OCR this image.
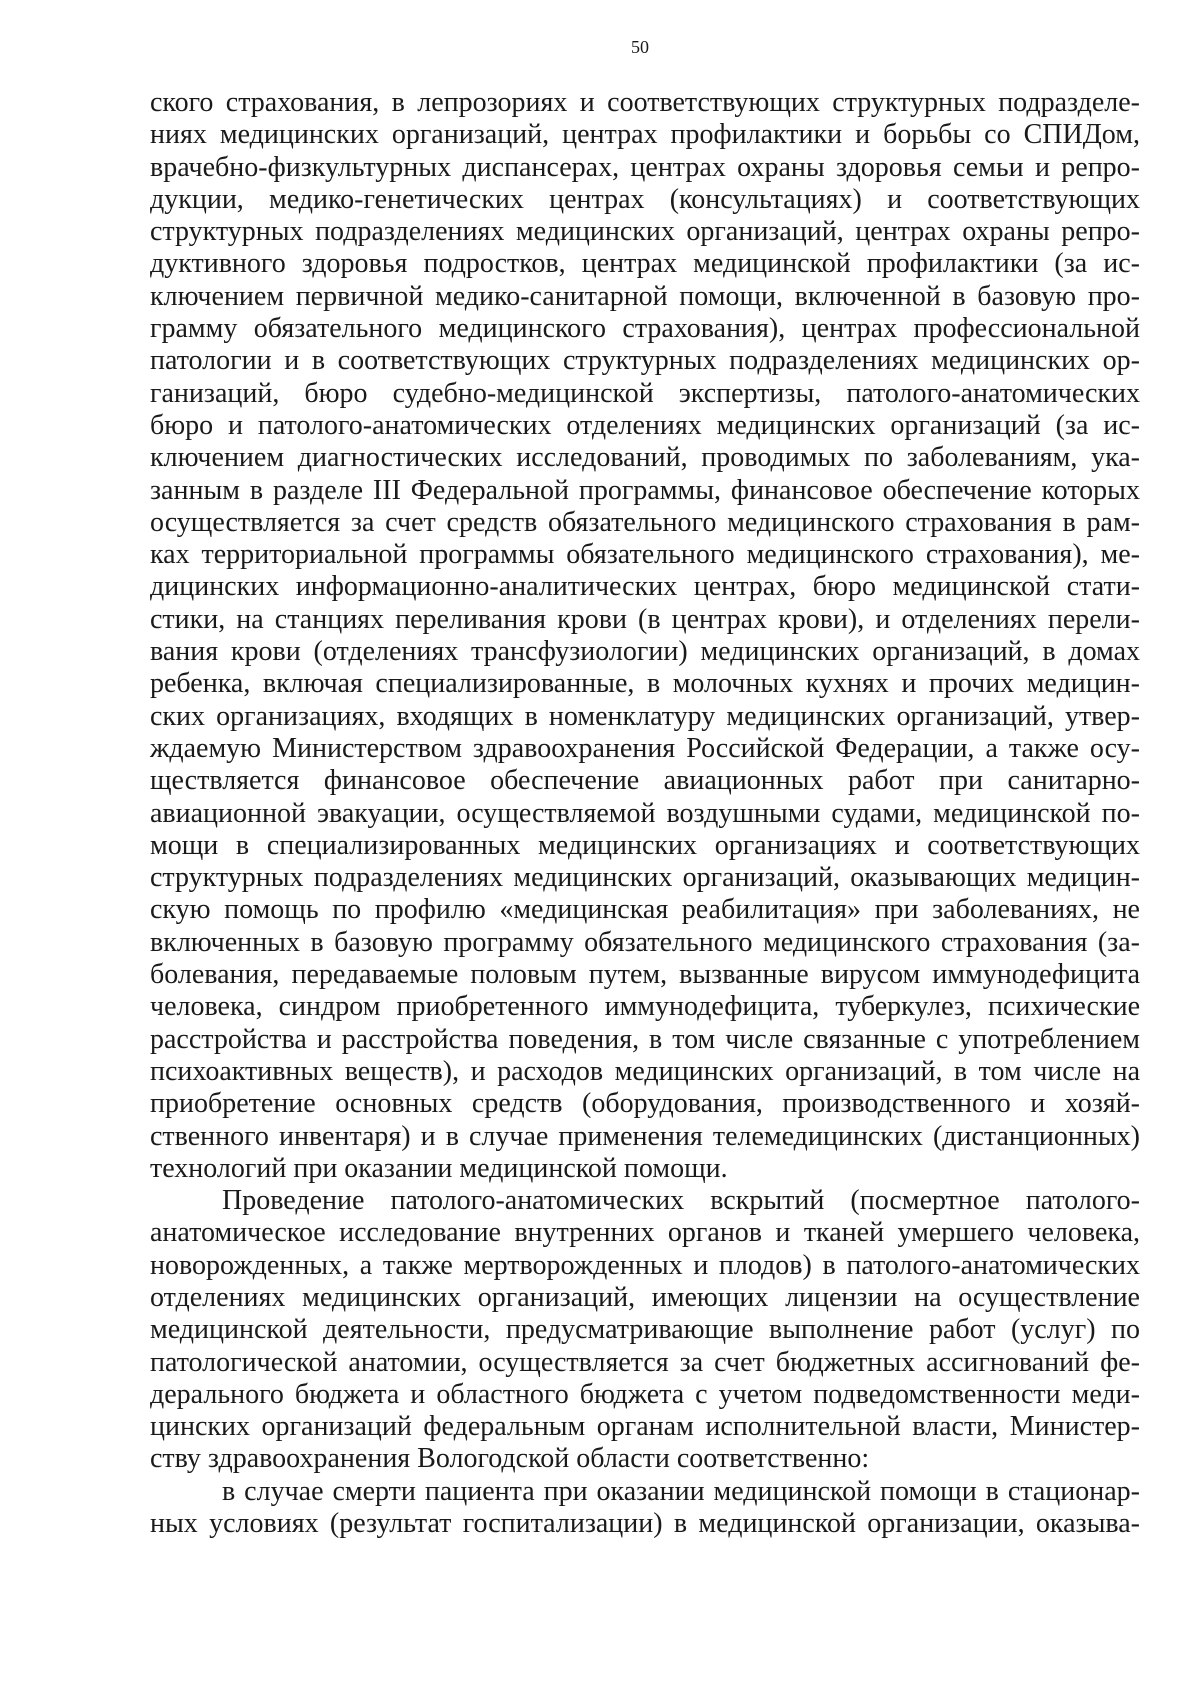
50

ского страхования, в лепрозориях и соответствующих структурных подразделе-
ниях медицинских организаций, центрах профилактики и борьбы со СПИДом,
врачебно-физкультурных диспансерах, центрах охраны здоровья семьи и репро-
дукции, медико-генетических центрах (консультациях) и соответствующих
структурных подразделениях медицинских организаций, центрах охраны репро-
дуктивного здоровья подростков, центрах медицинской профилактики (за ис-
ключением первичной медико-санитарной помощи, включенной в базовую про-
грамму обязательного медицинского страхования), центрах профессиональной
патологии и в соответствующих структурных подразделениях медицинских ор-
ганизаций, бюро судебно-медицинской экспертизы, патолого-анатомических
бюро и патолого-анатомических отделениях медицинских организаций (за ис-
ключением диагностических исследований, проводимых по заболеваниям, ука-
занным в разделе III Федеральной программы, финансовое обеспечение которых
осуществляется за счет средств обязательного медицинского страхования в рам-
ках территориальной программы обязательного медицинского страхования), ме-
дицинских информационно-аналитических центрах, бюро медицинской стати-
стики, на станциях переливания крови (в центрах крови), и отделениях перели-
вания крови (отделениях трансфузиологии) медицинских организаций, в домах
ребенка, включая специализированные, в молочных кухнях и прочих медицин-
ских организациях, входящих в номенклатуру медицинских организаций, утвер-
ждаемую Министерством здравоохранения Российской Федерации, а также осу-
ществляется финансовое обеспечение авиационных работ при санитарно-
авиационной эвакуации, осуществляемой воздушными судами, медицинской по-
мощи в специализированных медицинских организациях и соответствующих
структурных подразделениях медицинских организаций, оказывающих медицин-
скую помощь по профилю «медицинская реабилитация» при заболеваниях, не
включенных в базовую программу обязательного медицинского страхования (за-
болевания, передаваемые половым путем, вызванные вирусом иммунодефицита
человека, синдром приобретенного иммунодефицита, туберкулез, психические
расстройства и расстройства поведения, в том числе связанные с употреблением
психоактивных веществ), и расходов медицинских организаций, в том числе на
приобретение основных средств (оборудования, производственного и хозяй-
ственного инвентаря) и в случае применения телемедицинских (дистанционных)
технологий при оказании медицинской помощи.

Проведение патолого-анатомических вскрытий (посмертное патолого-
анатомическое исследование внутренних органов и тканей умершего человека,
новорожденных, а также мертворожденных и плодов) в патолого-анатомических
отделениях медицинских организаций, имеющих лицензии на осуществление
медицинской деятельности, предусматривающие выполнение работ (услуг) по
патологической анатомии, осуществляется за счет бюджетных ассигнований фе-
дерального бюджета и областного бюджета с учетом подведомственности меди-
цинских организаций федеральным органам исполнительной власти, Министер-
ству здравоохранения Вологодской области соответственно:

в случае смерти пациента при оказании медицинской помощи в стационар-
ных условиях (результат госпитализации) в медицинской организации, оказыва-
